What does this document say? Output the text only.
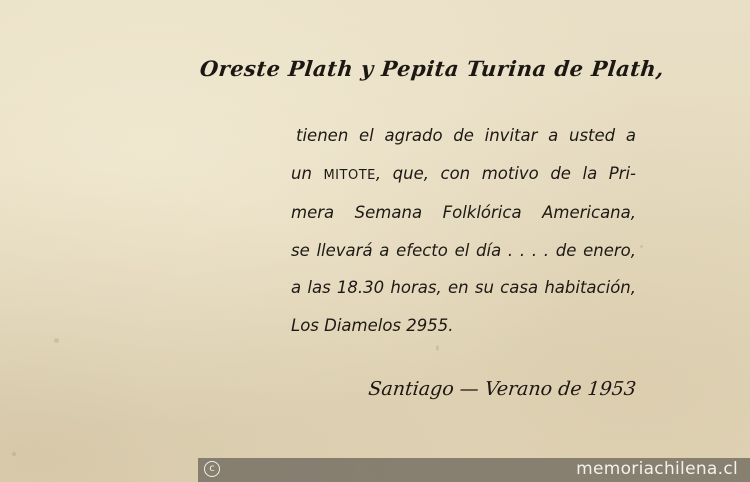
Oreste Plath y Pepita Turina de Plath,
tienen el agrado de invitar a usted a
un MITOTE, que, con motivo de la Pri-
mera Semana Folklórica Americana,
se llevará a efecto el día . . . . de enero,
a las 18.30 horas, en su casa habitación,
Los Diamelos 2955.
Santiago — Verano de 1953
c	memoriachilena.cl
